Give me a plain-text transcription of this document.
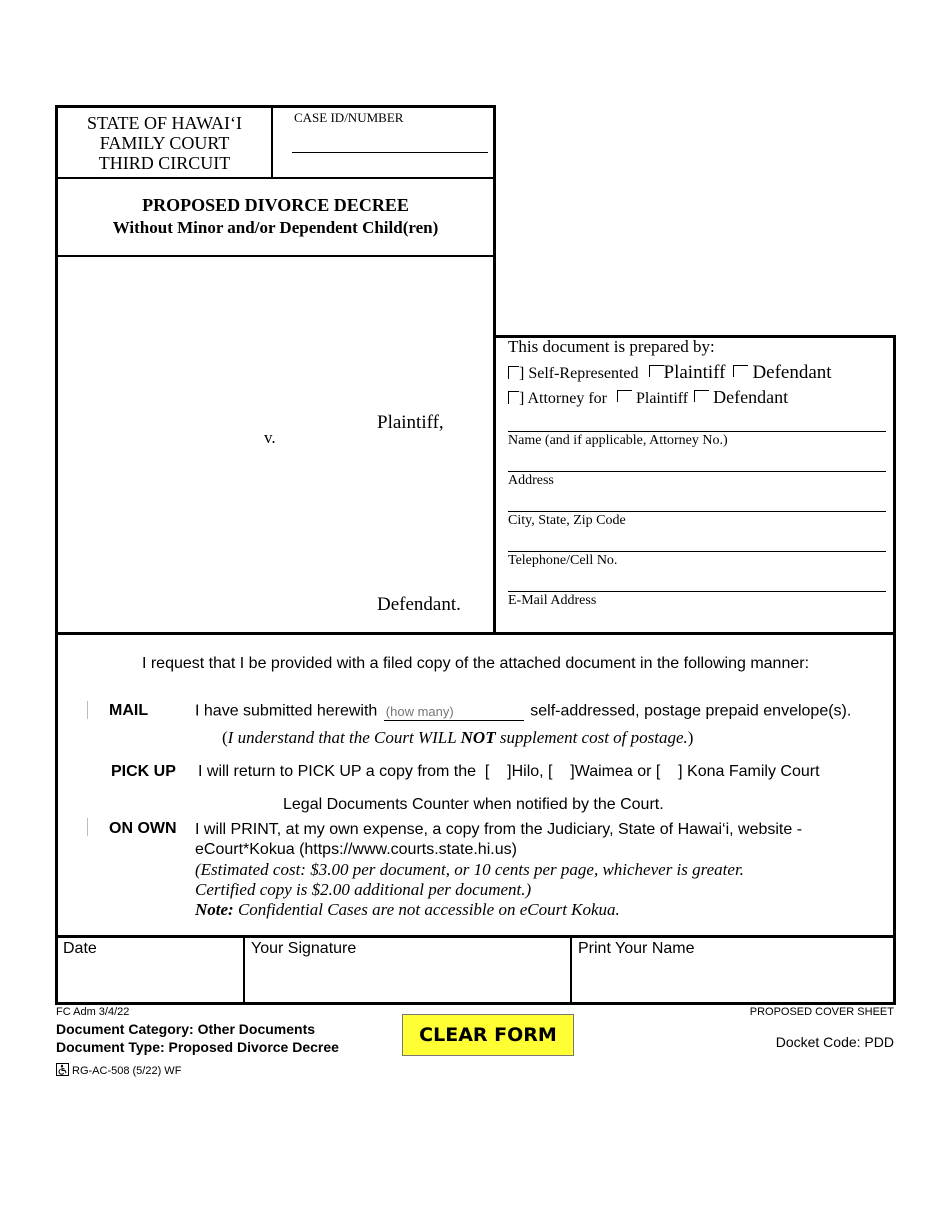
STATE OF HAWAI‘I
FAMILY COURT
THIRD CIRCUIT
CASE ID/NUMBER
PROPOSED DIVORCE DECREE
Without Minor and/or Dependent Child(ren)
Plaintiff,
v.
Defendant.
This document is prepared by:
] Self-Represented Plaintiff Defendant
] Attorney for Plaintiff Defendant
Name (and if applicable, Attorney No.)
Address
City, State, Zip Code
Telephone/Cell No.
E-Mail Address
I request that I be provided with a filed copy of the attached document in the following manner:
MAIL	I have submitted herewith (how many)	self-addressed, postage prepaid envelope(s).
(I understand that the Court WILL NOT supplement cost of postage.)
PICK UP I will return to PICK UP a copy from the [    ]Hilo, [    ]Waimea or [    ] Kona Family Court
Legal Documents Counter when notified by the Court.
ON OWN I will PRINT, at my own expense, a copy from the Judiciary, State of Hawai‘i, website -
eCourt*Kokua (https://www.courts.state.hi.us)
(Estimated cost: $3.00 per document, or 10 cents per page, whichever is greater.
Certified copy is $2.00 additional per document.)
Note: Confidential Cases are not accessible on eCourt Kokua.
Date	Your Signature	Print Your Name
FC Adm 3/4/22
Document Category: Other Documents
Document Type: Proposed Divorce Decree
CLEAR FORM
PROPOSED COVER SHEET
Docket Code: PDD
RG-AC-508 (5/22) WF
